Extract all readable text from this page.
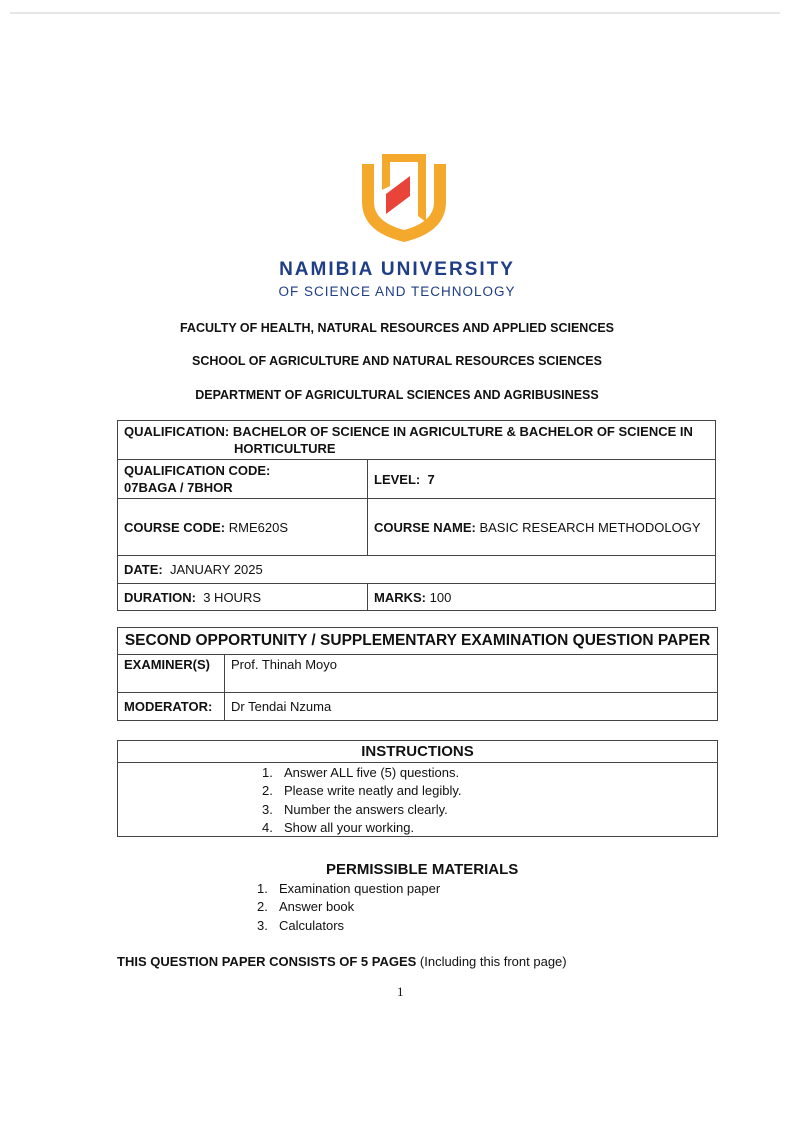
NAMIBIA UNIVERSITY
OF SCIENCE AND TECHNOLOGY
FACULTY OF HEALTH, NATURAL RESOURCES AND APPLIED SCIENCES
SCHOOL OF AGRICULTURE AND NATURAL RESOURCES SCIENCES
DEPARTMENT OF AGRICULTURAL SCIENCES AND AGRIBUSINESS
QUALIFICATION: BACHELOR OF SCIENCE IN AGRICULTURE & BACHELOR OF SCIENCE IN
HORTICULTURE	
QUALIFICATION CODE:
07BAGA / 7BHOR	LEVEL: 7
COURSE CODE: RME620S	COURSE NAME: BASIC RESEARCH METHODOLOGY
DATE: JANUARY 2025	
DURATION: 3 HOURS	MARKS: 100
SECOND OPPORTUNITY / SUPPLEMENTARY EXAMINATION QUESTION PAPER	
EXAMINER(S)	Prof. Thinah Moyo
MODERATOR:	Dr Tendai Nzuma
INSTRUCTIONS
1. Answer ALL five (5) questions.
2. Please write neatly and legibly.
3. Number the answers clearly.
4. Show all your working.
PERMISSIBLE MATERIALS
1. Examination question paper
2. Answer book
3. Calculators
THIS QUESTION PAPER CONSISTS OF 5 PAGES (Including this front page)
1
